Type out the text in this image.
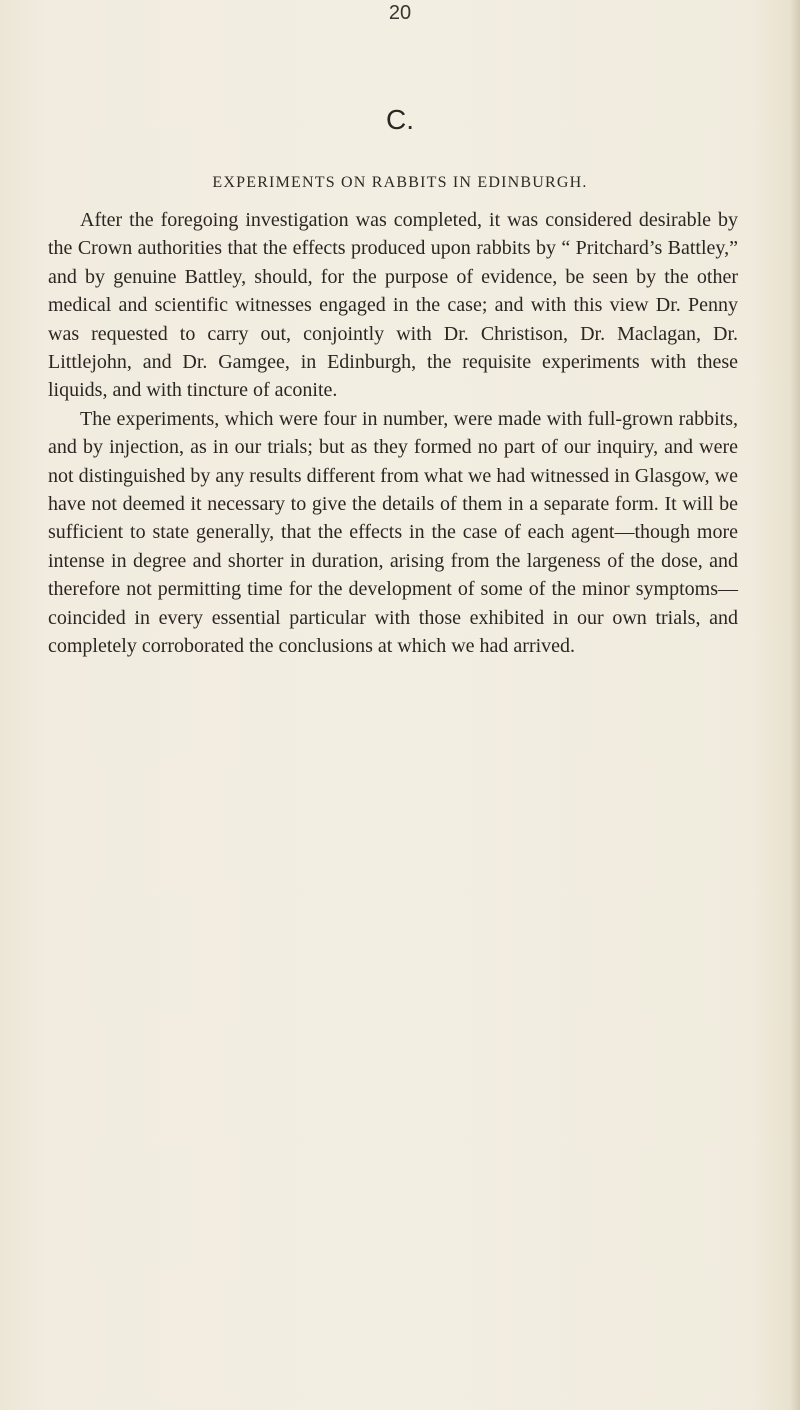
20
C.
EXPERIMENTS ON RABBITS IN EDINBURGH.

After the foregoing investigation was completed, it was considered desirable by the Crown authorities that the effects produced upon rabbits by “ Pritchard’s Battley,” and by genuine Battley, should, for the purpose of evidence, be seen by the other medical and scientific witnesses engaged in the case; and with this view Dr. Penny was requested to carry out, conjointly with Dr. Christison, Dr. Maclagan, Dr. Littlejohn, and Dr. Gamgee, in Edinburgh, the requisite experiments with these liquids, and with tincture of aconite.

The experiments, which were four in number, were made with full-grown rabbits, and by injection, as in our trials; but as they formed no part of our inquiry, and were not distinguished by any results different from what we had witnessed in Glasgow, we have not deemed it necessary to give the details of them in a separate form. It will be sufficient to state generally, that the effects in the case of each agent—though more intense in degree and shorter in duration, arising from the largeness of the dose, and therefore not permitting time for the development of some of the minor symptoms—coincided in every essential particular with those exhibited in our own trials, and completely corroborated the conclusions at which we had arrived.
